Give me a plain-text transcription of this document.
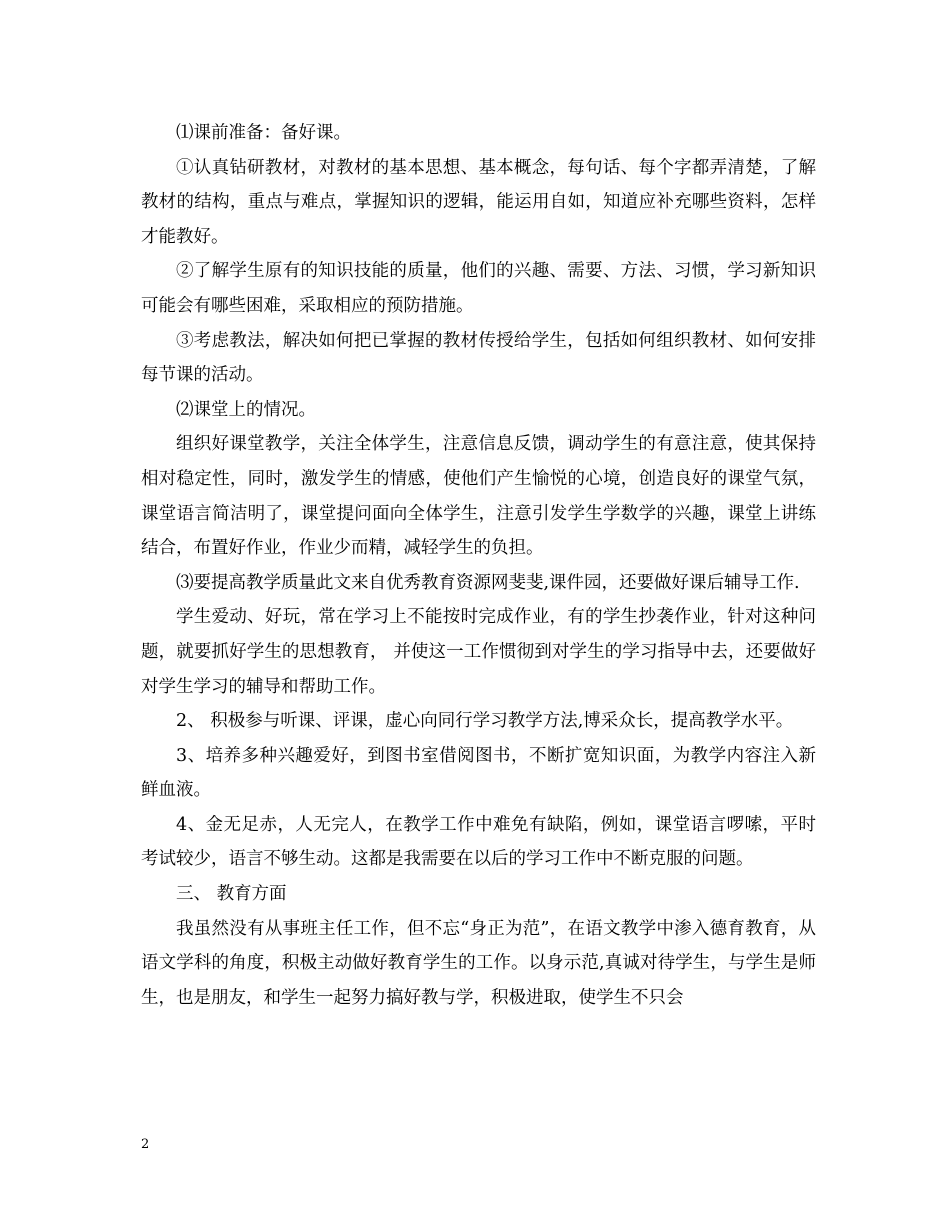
⑴课前准备：备好课。

①认真钻研教材，对教材的基本思想、基本概念，每句话、每个字都弄清楚，了解教材的结构，重点与难点，掌握知识的逻辑，能运用自如，知道应补充哪些资料，怎样才能教好。

②了解学生原有的知识技能的质量，他们的兴趣、需要、方法、习惯，学习新知识可能会有哪些困难，采取相应的预防措施。

③考虑教法，解决如何把已掌握的教材传授给学生，包括如何组织教材、如何安排每节课的活动。

⑵课堂上的情况。

组织好课堂教学，关注全体学生，注意信息反馈，调动学生的有意注意，使其保持相对稳定性，同时，激发学生的情感，使他们产生愉悦的心境，创造良好的课堂气氛，课堂语言简洁明了，课堂提问面向全体学生，注意引发学生学数学的兴趣，课堂上讲练结合，布置好作业，作业少而精，减轻学生的负担。

⑶要提高教学质量此文来自优秀教育资源网斐斐,课件园，还要做好课后辅导工作.

学生爱动、好玩，常在学习上不能按时完成作业，有的学生抄袭作业，针对这种问题，就要抓好学生的思想教育， 并使这一工作惯彻到对学生的学习指导中去，还要做好对学生学习的辅导和帮助工作。

2、 积极参与听课、评课，虚心向同行学习教学方法,博采众长，提高教学水平。

3、培养多种兴趣爱好，到图书室借阅图书，不断扩宽知识面，为教学内容注入新鲜血液。

4、金无足赤，人无完人，在教学工作中难免有缺陷，例如，课堂语言啰嗦，平时考试较少，语言不够生动。这都是我需要在以后的学习工作中不断克服的问题。

三、 教育方面

我虽然没有从事班主任工作，但不忘“身正为范”，在语文教学中渗入德育教育，从语文学科的角度，积极主动做好教育学生的工作。以身示范,真诚对待学生，与学生是师生，也是朋友，和学生一起努力搞好教与学，积极进取，使学生不只会

2
